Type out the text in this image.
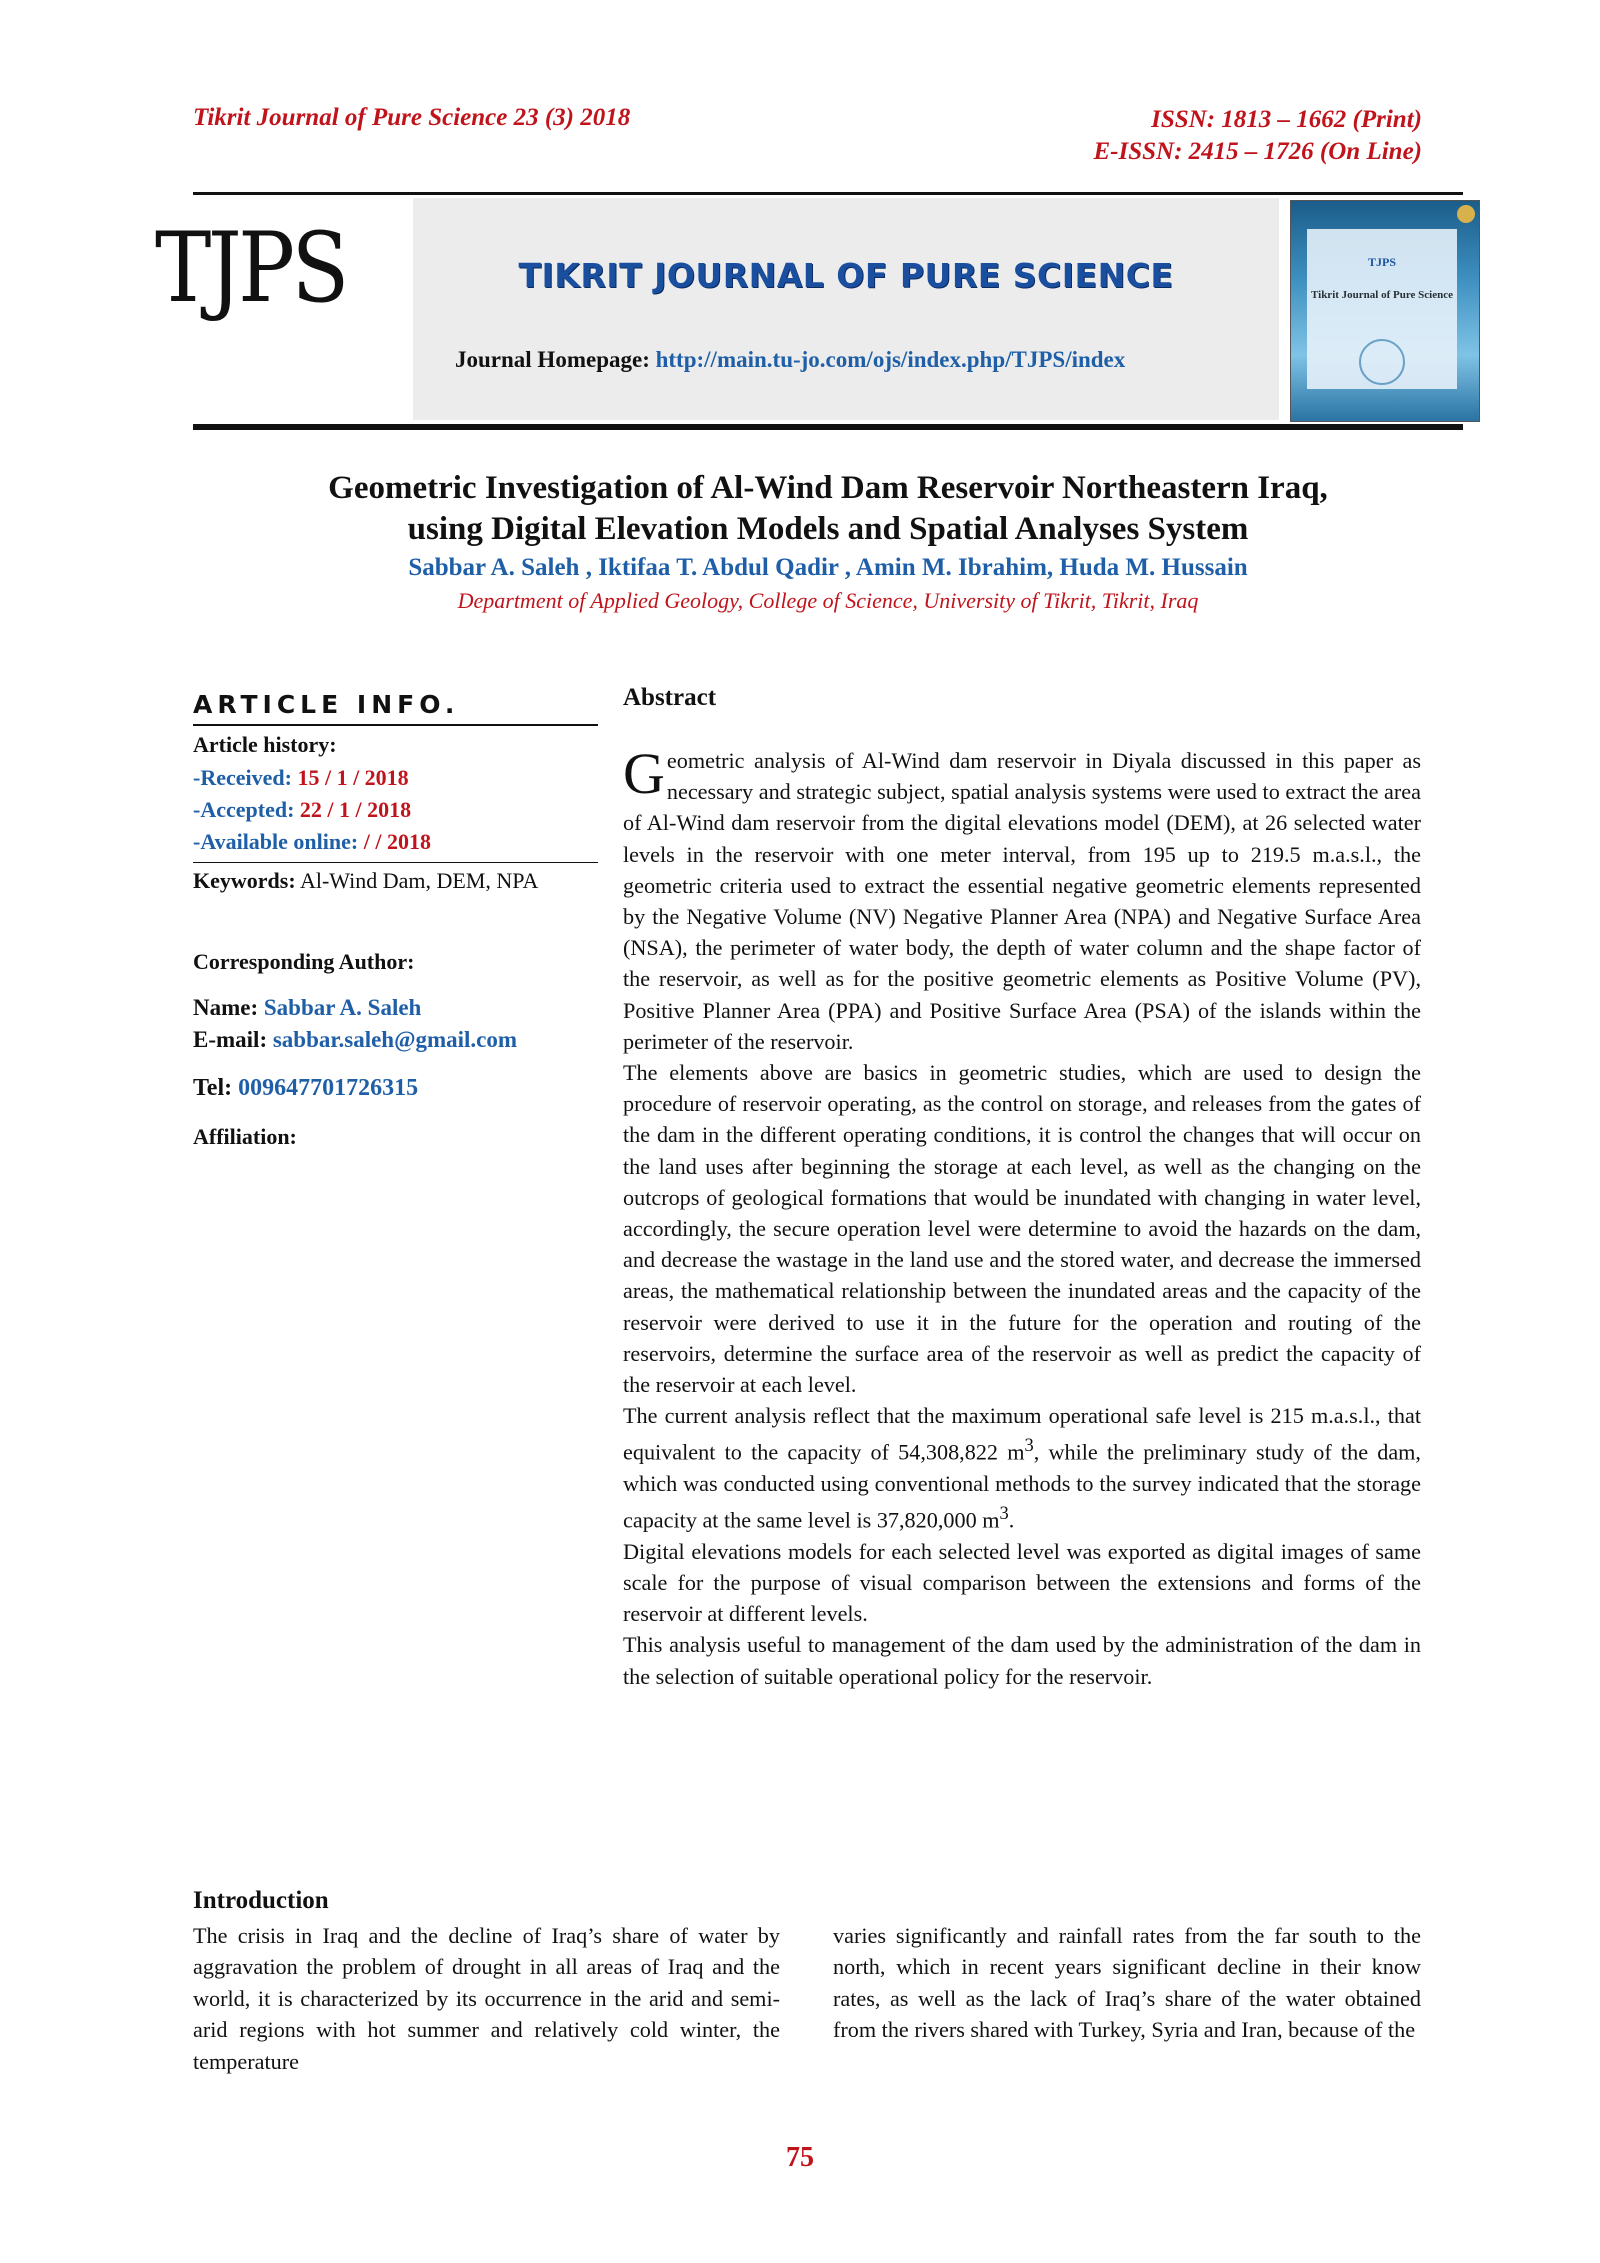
Tikrit Journal of Pure Science 23 (3) 2018	ISSN: 1813 – 1662 (Print)
E-ISSN: 2415 – 1726 (On Line)
TJPS	TIKRIT JOURNAL OF PURE SCIENCE
Journal Homepage: http://main.tu-jo.com/ojs/index.php/TJPS/index
TJPS
Tikrit Journal of Pure Science
Geometric Investigation of Al-Wind Dam Reservoir Northeastern Iraq,
using Digital Elevation Models and Spatial Analyses System
Sabbar A. Saleh , Iktifaa T. Abdul Qadir , Amin M. Ibrahim, Huda M. Hussain
Department of Applied Geology, College of Science, University of Tikrit, Tikrit, Iraq
ARTICLE INFO.
Article history:
-Received: 15 / 1 / 2018
-Accepted: 22 / 1 / 2018
-Available online: / / 2018
Keywords: Al-Wind Dam, DEM, NPA
Corresponding Author:
Name: Sabbar A. Saleh
E-mail: sabbar.saleh@gmail.com
Tel: 009647701726315
Affiliation:
Abstract

Geometric analysis of Al-Wind dam reservoir in Diyala discussed in this paper as necessary and strategic subject, spatial analysis systems were used to extract the area of Al-Wind dam reservoir from the digital elevations model (DEM), at 26 selected water levels in the reservoir with one meter interval, from 195 up to 219.5 m.a.s.l., the geometric criteria used to extract the essential negative geometric elements represented by the Negative Volume (NV) Negative Planner Area (NPA) and Negative Surface Area (NSA), the perimeter of water body, the depth of water column and the shape factor of the reservoir, as well as for the positive geometric elements as Positive Volume (PV), Positive Planner Area (PPA) and Positive Surface Area (PSA) of the islands within the perimeter of the reservoir.

The elements above are basics in geometric studies, which are used to design the procedure of reservoir operating, as the control on storage, and releases from the gates of the dam in the different operating conditions, it is control the changes that will occur on the land uses after beginning the storage at each level, as well as the changing on the outcrops of geological formations that would be inundated with changing in water level, accordingly, the secure operation level were determine to avoid the hazards on the dam, and decrease the wastage in the land use and the stored water, and decrease the immersed areas, the mathematical relationship between the inundated areas and the capacity of the reservoir were derived to use it in the future for the operation and routing of the reservoirs, determine the surface area of the reservoir as well as predict the capacity of the reservoir at each level.

The current analysis reflect that the maximum operational safe level is 215 m.a.s.l., that equivalent to the capacity of 54,308,822 $m^3$, while the preliminary study of the dam, which was conducted using conventional methods to the survey indicated that the storage capacity at the same level is 37,820,000 $m^3$.

Digital elevations models for each selected level was exported as digital images of same scale for the purpose of visual comparison between the extensions and forms of the reservoir at different levels.

This analysis useful to management of the dam used by the administration of the dam in the selection of suitable operational policy for the reservoir.

Introduction
The crisis in Iraq and the decline of Iraq’s share of water by aggravation the problem of drought in all areas of Iraq and the world, it is characterized by its occurrence in the arid and semi-arid regions with hot summer and relatively cold winter, the temperature
varies significantly and rainfall rates from the far south to the north, which in recent years significant decline in their know rates, as well as the lack of Iraq’s share of the water obtained from the rivers shared with Turkey, Syria and Iran, because of the
75
